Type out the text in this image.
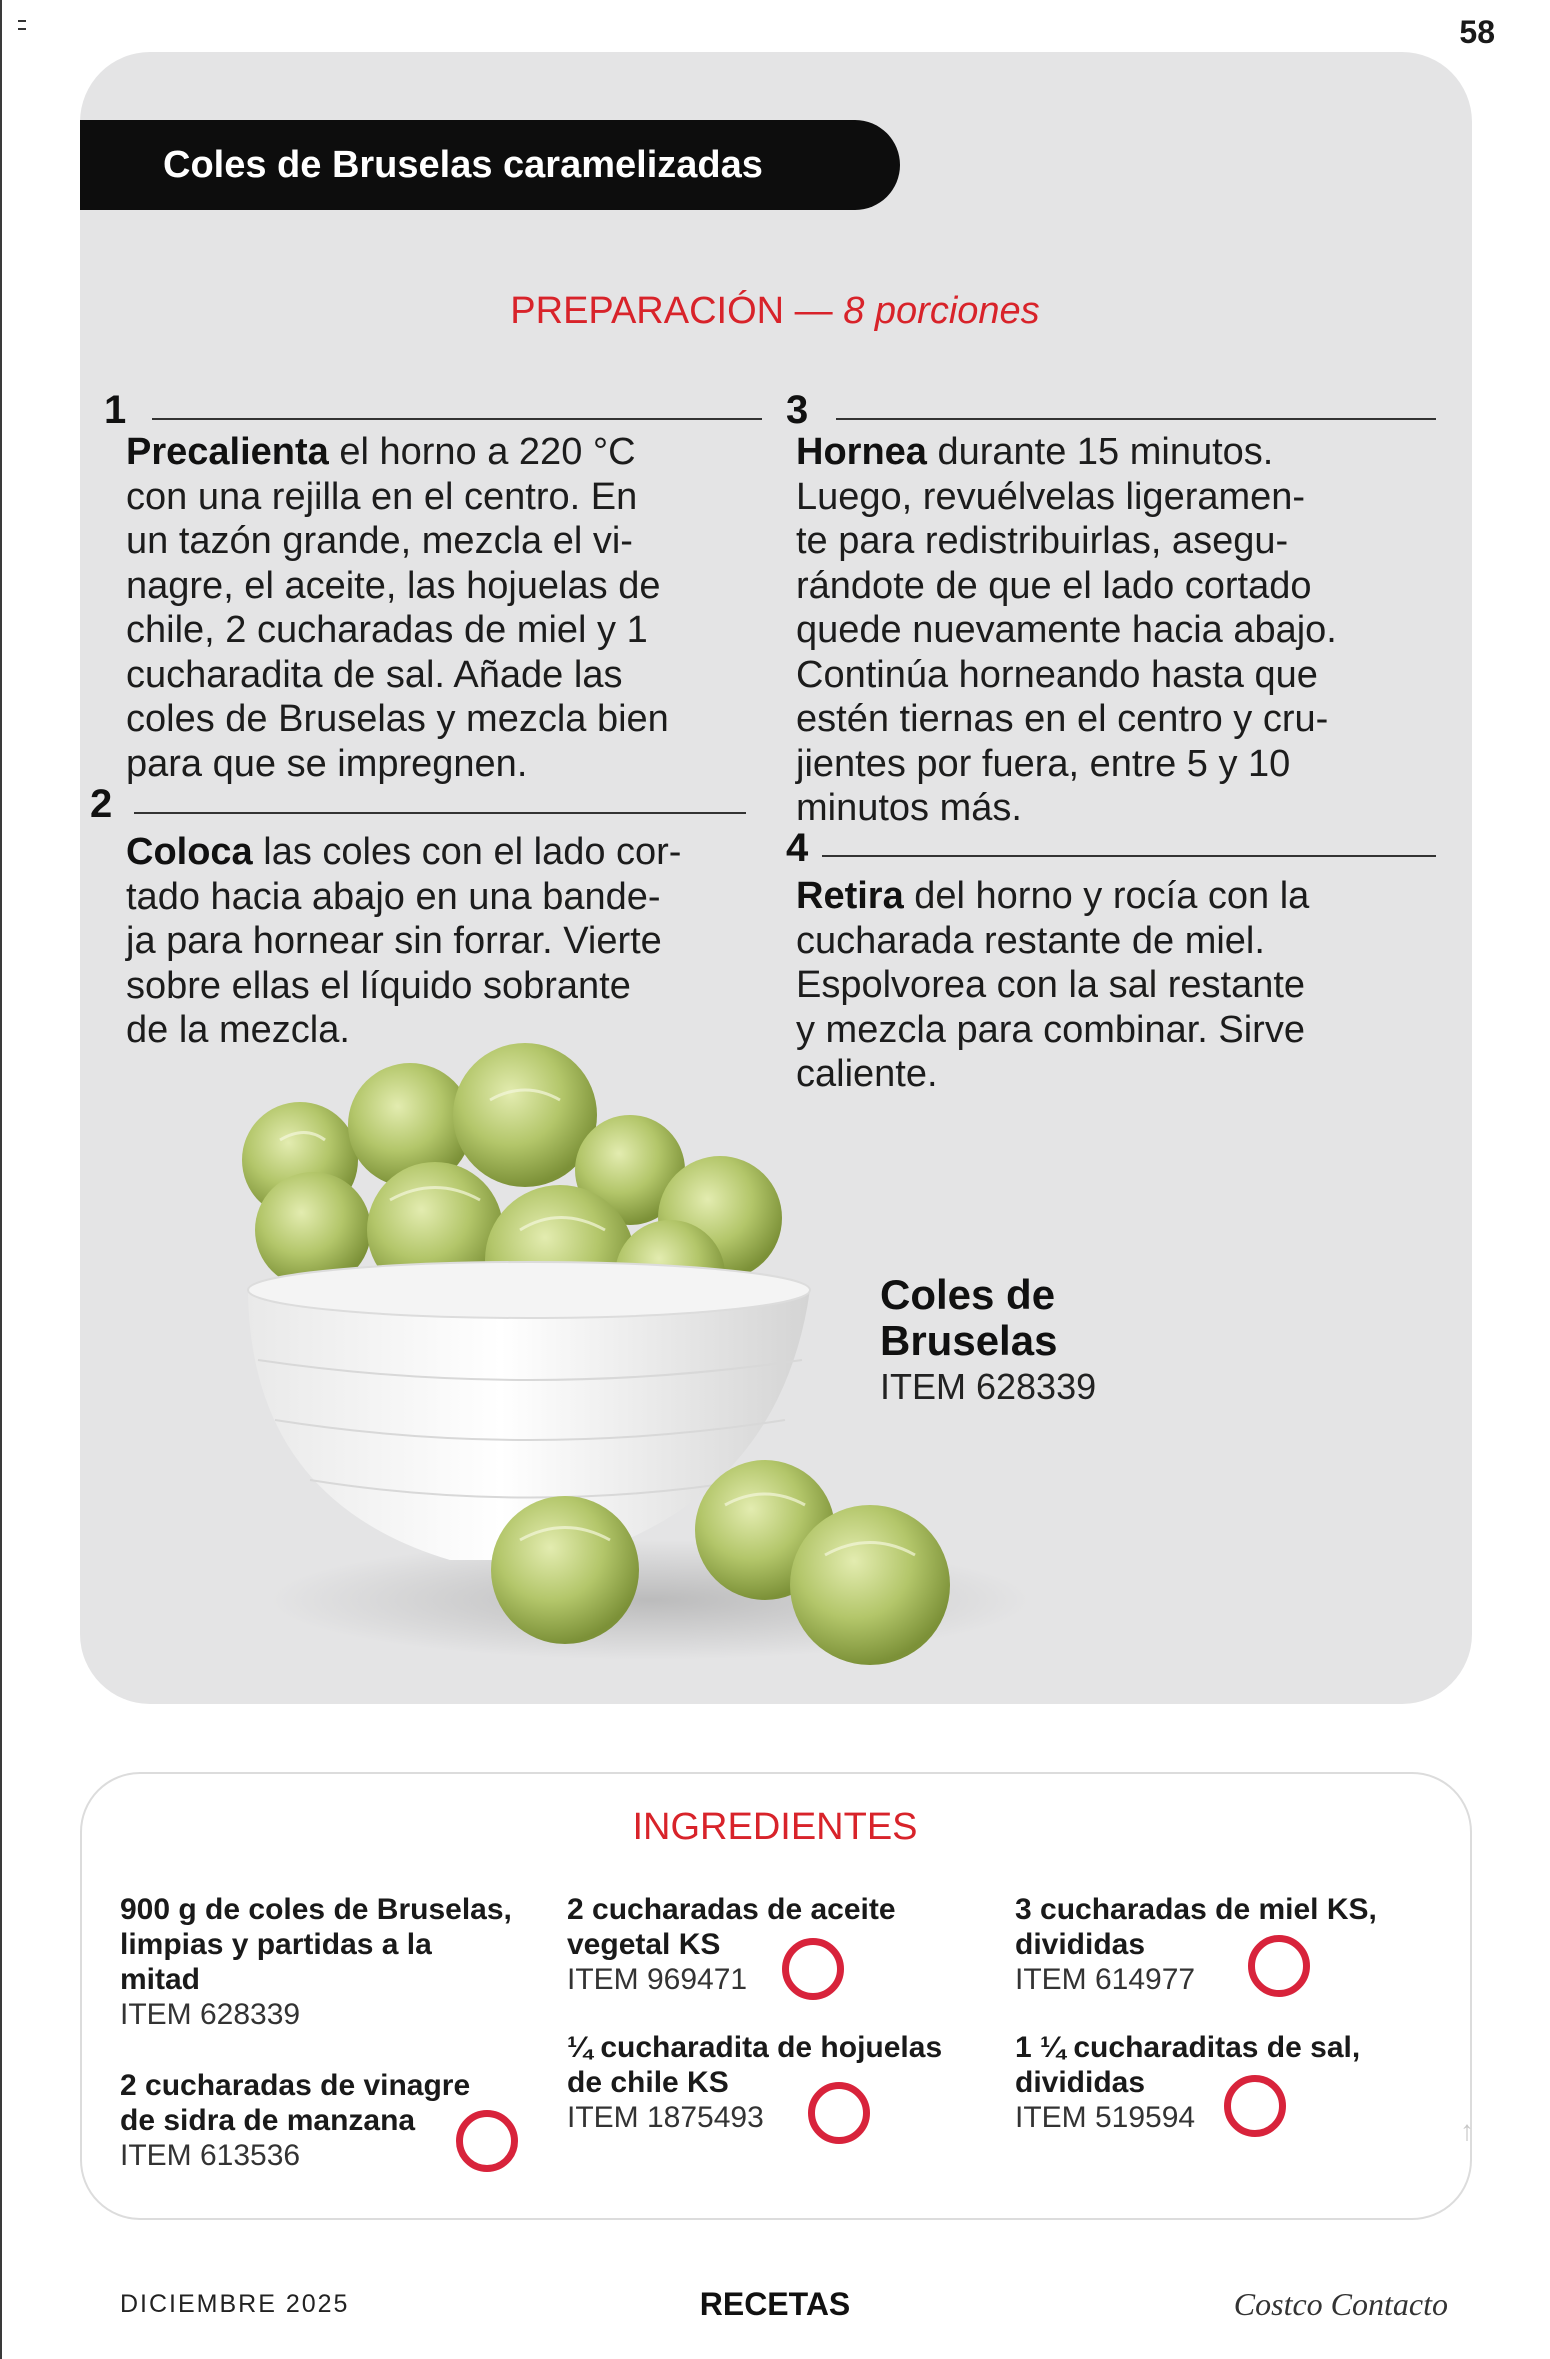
58
Coles de Bruselas caramelizadas
PREPARACIÓN — 8 porciones
1
Precalienta el horno a 220 °C
con una rejilla en el centro. En
un tazón grande, mezcla el vi-
nagre, el aceite, las hojuelas de
chile, 2 cucharadas de miel y 1
cucharadita de sal. Añade las
coles de Bruselas y mezcla bien
para que se impregnen.
2
Coloca las coles con el lado cor-
tado hacia abajo en una bande-
ja para hornear sin forrar. Vierte
sobre ellas el líquido sobrante
de la mezcla.
3
Hornea durante 15 minutos.
Luego, revuélvelas ligeramen-
te para redistribuirlas, asegu-
rándote de que el lado cortado
quede nuevamente hacia abajo.
Continúa horneando hasta que
estén tiernas en el centro y cru-
jientes por fuera, entre 5 y 10
minutos más.
4
Retira del horno y rocía con la
cucharada restante de miel.
Espolvorea con la sal restante
y mezcla para combinar. Sirve
caliente.
Coles de
Bruselas
ITEM 628339
INGREDIENTES
900 g de coles de Bruselas,
limpias y partidas a la
mitad
ITEM 628339
2 cucharadas de vinagre
de sidra de manzana
ITEM 613536
2 cucharadas de aceite
vegetal KS
ITEM 969471
¼ cucharadita de hojuelas
de chile KS
ITEM 1875493
3 cucharadas de miel KS,
divididas
ITEM 614977
1 ¼ cucharaditas de sal,
divididas
ITEM 519594	↑
DICIEMBRE 2025	RECETAS	Costco Contacto
